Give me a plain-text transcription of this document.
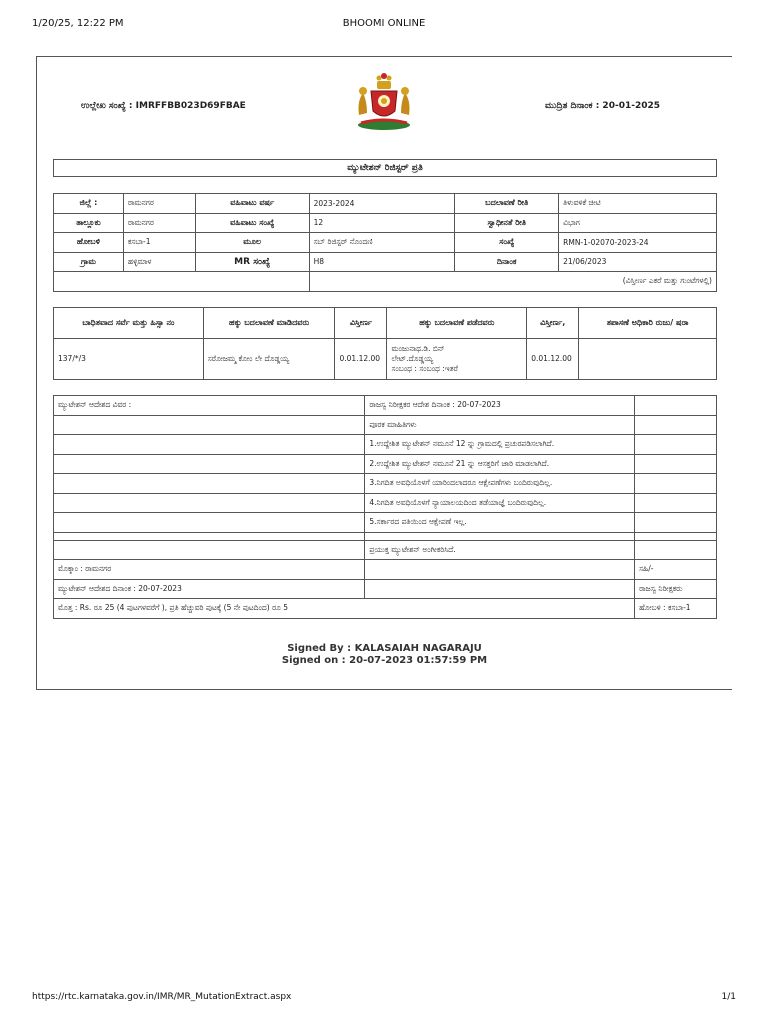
1/20/25, 12:22 PM	BHOOMI ONLINE
ಉಲ್ಲೇಖ ಸಂಖ್ಯೆ : IMRFFBB023D69FBAE	ಮುದ್ರಿತ ದಿನಾಂಕ : 20-01-2025
ಮ್ಯುಟೇಶನ್ ರಿಜಿಸ್ಟರ್ ಪ್ರತಿ
ಜಿಲ್ಲೆ :	ರಾಮನಗರ	ವಹಿವಾಟು ವರ್ಷ	2023-2024	ಬದಲಾವಣೆ ರೀತಿ	ತಿಳುವಳಿಕೆ ಚೀಟಿ
ತಾಲ್ಲೂಕು	ರಾಮನಗರ	ವಹಿವಾಟು ಸಂಖ್ಯೆ	12	ಸ್ವಾಧೀನತೆ ರೀತಿ	ವಿಭಾಗ
ಹೋಬಳಿ	ಕಸಬಾ-1	ಮೂಲ	ಸಬ್ ರಿಜಿಸ್ಟರ್ ನೊಂದಣಿ	ಸಂಖ್ಯೆ	RMN-1-02070-2023-24
ಗ್ರಾಮ	ಹಳ್ಳಿಮಾಳ	MR ಸಂಖ್ಯೆ	H8	ದಿನಾಂಕ	21/06/2023
			(ವಿಸ್ತೀರ್ಣ ಎಕರೆ ಮತ್ತು ಗುಂಟೆಗಳಲ್ಲಿ)		
ಬಾಧಿತವಾದ ಸರ್ವೆ ಮತ್ತು ಹಿಸ್ಸಾ ನಂ	ಹಕ್ಕು ಬದಲಾವಣೆ ಮಾಡಿದವರು	ವಿಸ್ತೀರ್ಣ	ಹಕ್ಕು ಬದಲಾವಣೆ ಪಡೆದವರು	ವಿಸ್ತೀರ್ಣ,	ತಪಾಸಣೆ ಅಧಿಕಾರಿ ರುಜು/ ಷರಾ
137/*/3	ಸರೋಜಮ್ಮ ಕೋಂ ಲೇ ದೊಡ್ಡಯ್ಯ	0.01.12.00	ಮಂಜುನಾಥ.ಡಿ. ಬಿನ್
ಲೇಟ್.ದೊಡ್ಡಯ್ಯ
ಸಂಬಂಧ : ಸಂಬಂಧ :ಇತರೆ	0.01.12.00	
ಮ್ಯುಟೇಶನ್ ಆದೇಶದ ವಿವರ :	ರಾಜಸ್ವ ನಿರೀಕ್ಷಕರ ಆದೇಶ ದಿನಾಂಕ : 20-07-2023	
	ಪೂರಕ ಮಾಹಿತಿಗಳು	
	1.ಉದ್ದೇಶಿತ ಮ್ಯುಟೇಶನ್ ನಮೂನೆ 12 ನ್ನು ಗ್ರಾಮದಲ್ಲಿ ಪ್ರಚುರಪಡಿಸಲಾಗಿದೆ.	
	2.ಉದ್ದೇಶಿತ ಮ್ಯುಟೇಶನ್ ನಮೂನೆ 21 ನ್ನು ಆಸಕ್ತರಿಗೆ ಜಾರಿ ಮಾಡಲಾಗಿದೆ.	
	3.ನಿಗದಿತ ಅವಧಿಯೊಳಗೆ ಯಾರಿಂದಲಾದರೂ ಆಕ್ಷೇಪಣೆಗಳು ಬಂದಿರುವುದಿಲ್ಲ.	
	4.ನಿಗದಿತ ಅವಧಿಯೊಳಗೆ ನ್ಯಾಯಾಲಯದಿಂದ ತಡೆಯಾಜ್ಞೆ ಬಂದಿರುವುದಿಲ್ಲ.	
	5.ಸರ್ಕಾರದ ಪತಿಯಿಂದ ಆಕ್ಷೇಪಣೆ ಇಲ್ಲ.	

	ಪ್ರಯುಕ್ತ ಮ್ಯುಟೇಶನ್ ಅಂಗೀಕರಿಸಿದೆ.	
ಮೊಕ್ಕಾಂ : ರಾಮನಗರ		ಸಹಿ/-
ಮ್ಯುಟೇಶನ್ ಆದೇಶದ ದಿನಾಂಕ : 20-07-2023		ರಾಜಸ್ವ ನಿರೀಕ್ಷಕರು
ಮೊತ್ತ : Rs. ರೂ 25 (4 ಪುಟಗಳವರೆಗೆ ), ಪ್ರತಿ ಹೆಚ್ಚುವರಿ ಪುಟಕ್ಕೆ (5 ನೇ ಪುಟದಿಂದ) ರೂ 5		ಹೋಬಳಿ : ಕಸಬಾ-1
Signed By : KALASAIAH NAGARAJU
Signed on : 20-07-2023 01:57:59 PM
https://rtc.karnataka.gov.in/IMR/MR_MutationExtract.aspx	1/1
